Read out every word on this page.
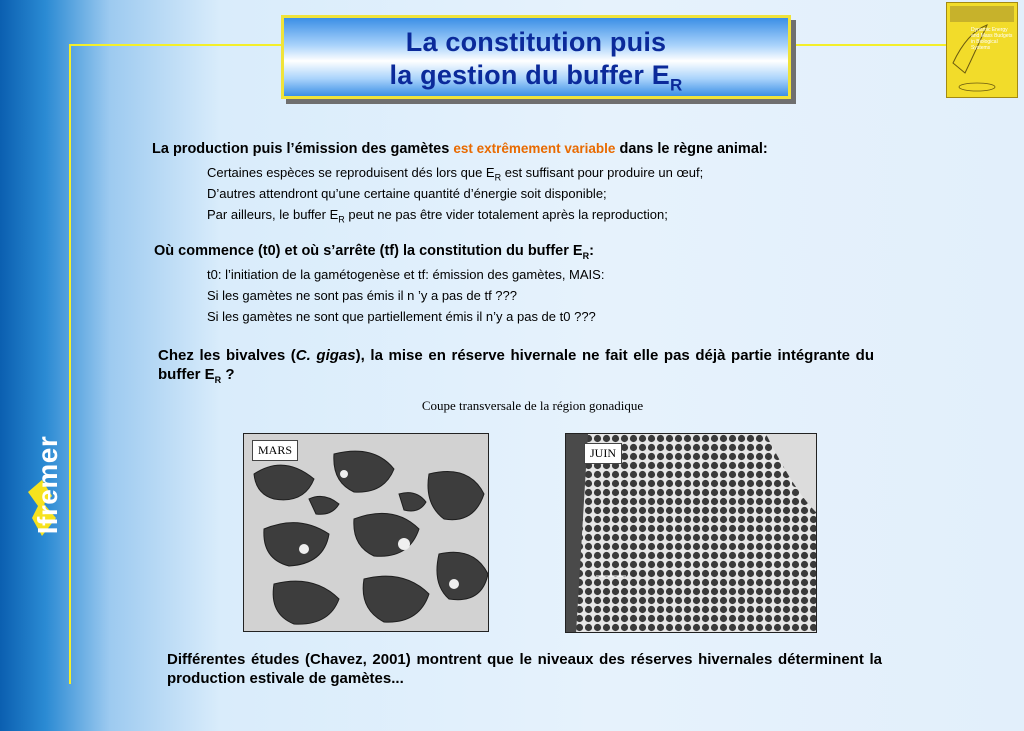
La constitution puis
la gestion du buffer $E_R$
Dynamic Energy and Mass Budgets in Biological Systems
Ifremer
La production puis l’émission des gamètes est extrêmement variable dans le règne animal:
Certaines espèces se reproduisent dés lors que $E_R$ est suffisant pour produire un œuf;
D’autres attendront qu’une certaine quantité d’énergie soit disponible;
Par ailleurs, le buffer $E_R$ peut ne pas être vider totalement après la reproduction;
Où commence (t0) et où s’arrête (tf) la constitution du buffer $E_R$:
t0: l’initiation de la gamétogenèse et tf: émission des gamètes, MAIS:
Si les gamètes ne sont pas émis il n ’y a pas de tf ???
Si les gamètes ne sont que partiellement émis il n’y a pas de t0 ???
Chez les bivalves (C. gigas), la mise en réserve hivernale ne fait elle pas déjà partie intégrante du buffer $E_R$ ?
Coupe transversale de la région gonadique
MARS	JUIN
Différentes études (Chavez, 2001) montrent que le niveaux des réserves hivernales déterminent la production estivale de gamètes...
